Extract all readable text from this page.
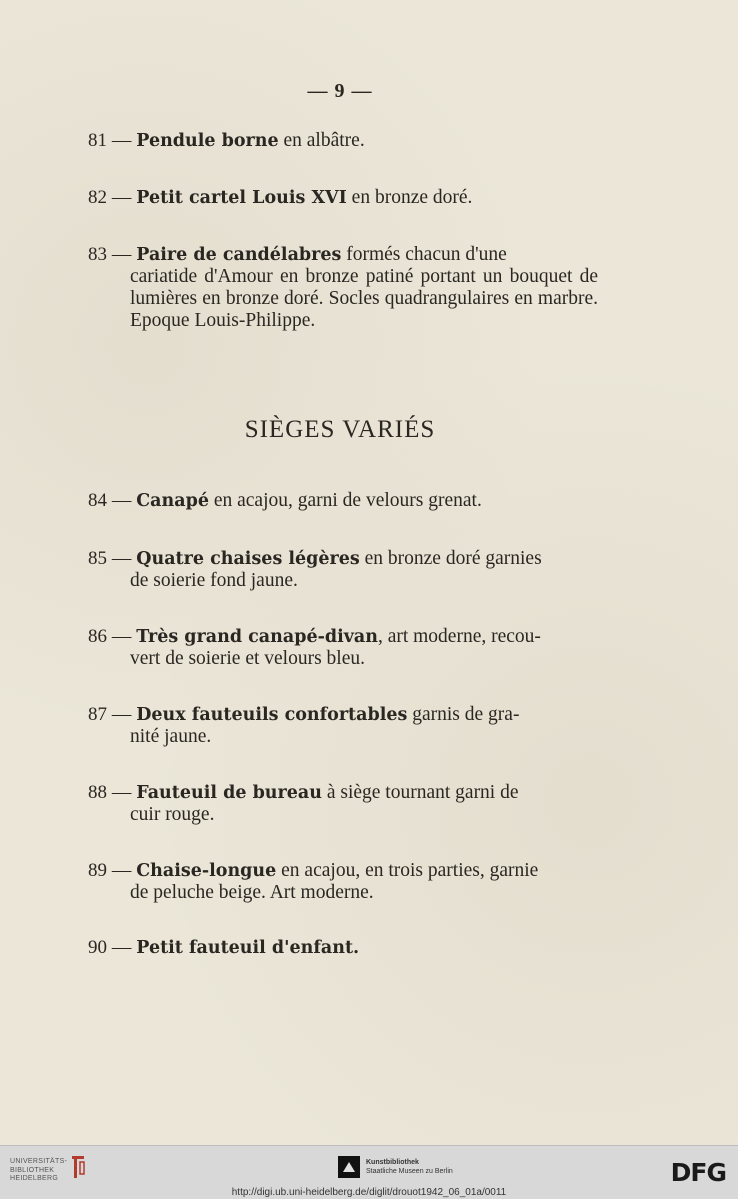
— 9 —
81 — Pendule borne en albâtre.
82 — Petit cartel Louis XVI en bronze doré.
83 — Paire de candélabres formés chacun d'une
cariatide d'Amour en bronze patiné portant un bouquet de lumières en bronze doré. Socles quadrangulaires en marbre. Epoque Louis-Philippe.
SIÈGES VARIÉS
84 — Canapé en acajou, garni de velours grenat.
85 — Quatre chaises légères en bronze doré garnies
de soierie fond jaune.
86 — Très grand canapé-divan, art moderne, recou-
vert de soierie et velours bleu.
87 — Deux fauteuils confortables garnis de gra-
nité jaune.
88 — Fauteuil de bureau à siège tournant garni de
cuir rouge.
89 — Chaise-longue en acajou, en trois parties, garnie
de peluche beige. Art moderne.
90 — Petit fauteuil d'enfant.
UNIVERSITÄTS-
BIBLIOTHEK
HEIDELBERG
Kunstbibliothek
Staatliche Museen zu Berlin	DFG
http://digi.ub.uni-heidelberg.de/diglit/drouot1942_06_01a/0011
